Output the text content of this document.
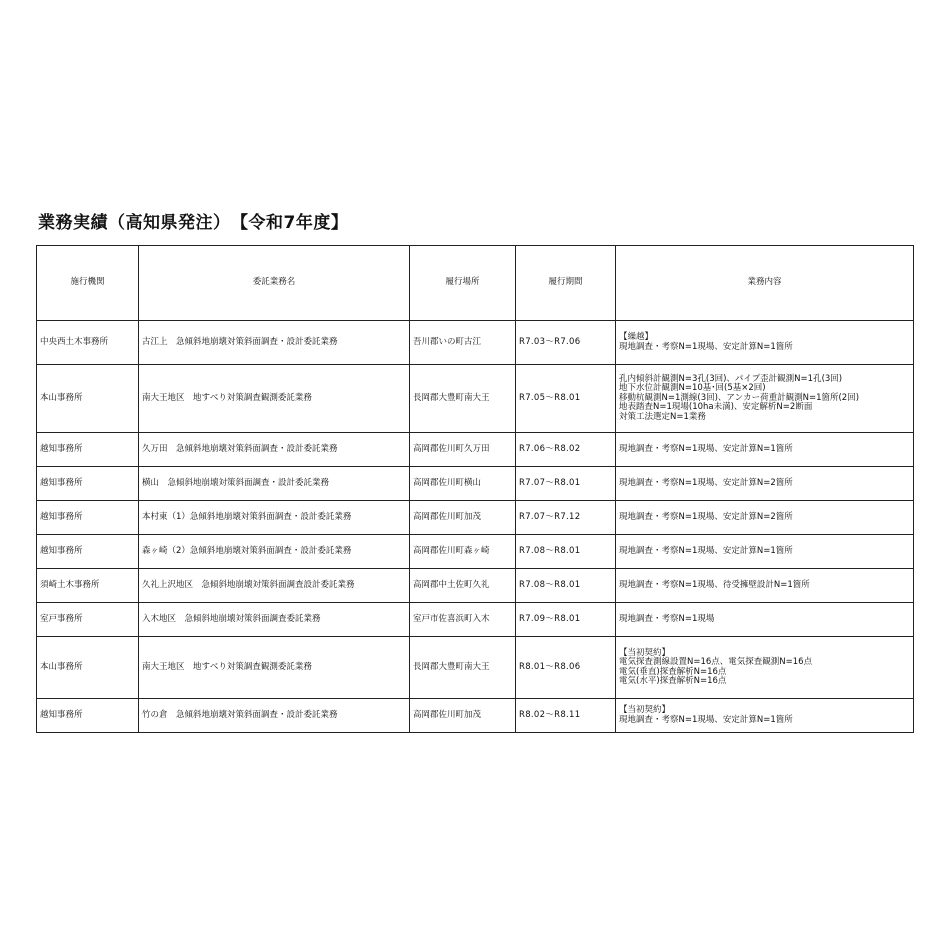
業務実績（高知県発注）　【令和7年度】
施行機関	委託業務名	履行場所	履行期間	業務内容
中央西土木事務所	古江上　急傾斜地崩壊対策斜面調査・設計委託業務	吾川郡いの町古江	R7.03～R7.06	【繰越】
現地調査・考察N=1現場、安定計算N=1箇所

本山事務所	南大王地区　地すべり対策調査観測委託業務	長岡郡大豊町南大王	R7.05～R8.01	孔内傾斜計観測N=3孔(3回)、パイプ歪計観測N=1孔(3回)
地下水位計観測N=10基･回(5基×2回)
移動杭観測N=1測線(3回)、アンカー荷重計観測N=1箇所(2回)
地表踏査N=1現場(10ha未満)、安定解析N=2断面
対策工法選定N=1業務

越知事務所	久万田　急傾斜地崩壊対策斜面調査・設計委託業務	高岡郡佐川町久万田	R7.06～R8.02	現地調査・考察N=1現場、安定計算N=1箇所

越知事務所	横山　急傾斜地崩壊対策斜面調査・設計委託業務	高岡郡佐川町横山	R7.07～R8.01	現地調査・考察N=1現場、安定計算N=2箇所

越知事務所	本村東（1）急傾斜地崩壊対策斜面調査・設計委託業務	高岡郡佐川町加茂	R7.07～R7.12	現地調査・考察N=1現場、安定計算N=2箇所

越知事務所	森ヶ崎（2）急傾斜地崩壊対策斜面調査・設計委託業務	高岡郡佐川町森ヶ崎	R7.08～R8.01	現地調査・考察N=1現場、安定計算N=1箇所

須崎土木事務所	久礼上沢地区　急傾斜地崩壊対策斜面調査設計委託業務	高岡郡中土佐町久礼	R7.08～R8.01	現地調査・考察N=1現場、待受擁壁設計N=1箇所

室戸事務所	入木地区　急傾斜地崩壊対策斜面調査委託業務	室戸市佐喜浜町入木	R7.09～R8.01	現地調査・考察N=1現場

本山事務所	南大王地区　地すべり対策調査観測委託業務	長岡郡大豊町南大王	R8.01～R8.06	【当初契約】
電気探査測線設置N=16点、電気探査観測N=16点
電気(垂直)探査解析N=16点
電気(水平)探査解析N=16点

越知事務所	竹の倉　急傾斜地崩壊対策斜面調査・設計委託業務	高岡郡佐川町加茂	R8.02～R8.11	【当初契約】
現地調査・考察N=1現場、安定計算N=1箇所
